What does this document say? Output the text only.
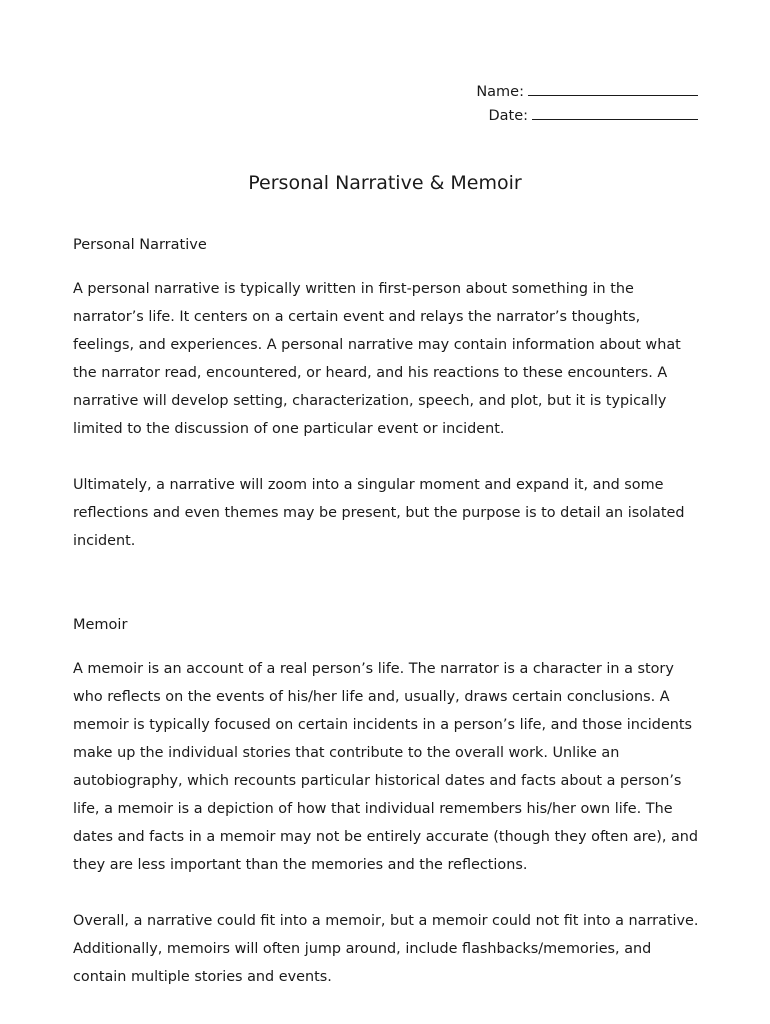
Name:
Date:
Personal Narrative & Memoir
Personal Narrative

A personal narrative is typically written in first-person about something in the narrator’s life. It centers on a certain event and relays the narrator’s thoughts, feelings, and experiences. A personal narrative may contain information about what the narrator read, encountered, or heard, and his reactions to these encounters. A narrative will develop setting, characterization, speech, and plot, but it is typically limited to the discussion of one particular event or incident.

Ultimately, a narrative will zoom into a singular moment and expand it, and some reflections and even themes may be present, but the purpose is to detail an isolated incident.

Memoir

A memoir is an account of a real person’s life. The narrator is a character in a story who reflects on the events of his/her life and, usually, draws certain conclusions. A memoir is typically focused on certain incidents in a person’s life, and those incidents make up the individual stories that contribute to the overall work. Unlike an autobiography, which recounts particular historical dates and facts about a person’s life, a memoir is a depiction of how that individual remembers his/her own life. The dates and facts in a memoir may not be entirely accurate (though they often are), and they are less important than the memories and the reflections.

Overall, a narrative could fit into a memoir, but a memoir could not fit into a narrative. Additionally, memoirs will often jump around, include flashbacks/memories, and contain multiple stories and events.
